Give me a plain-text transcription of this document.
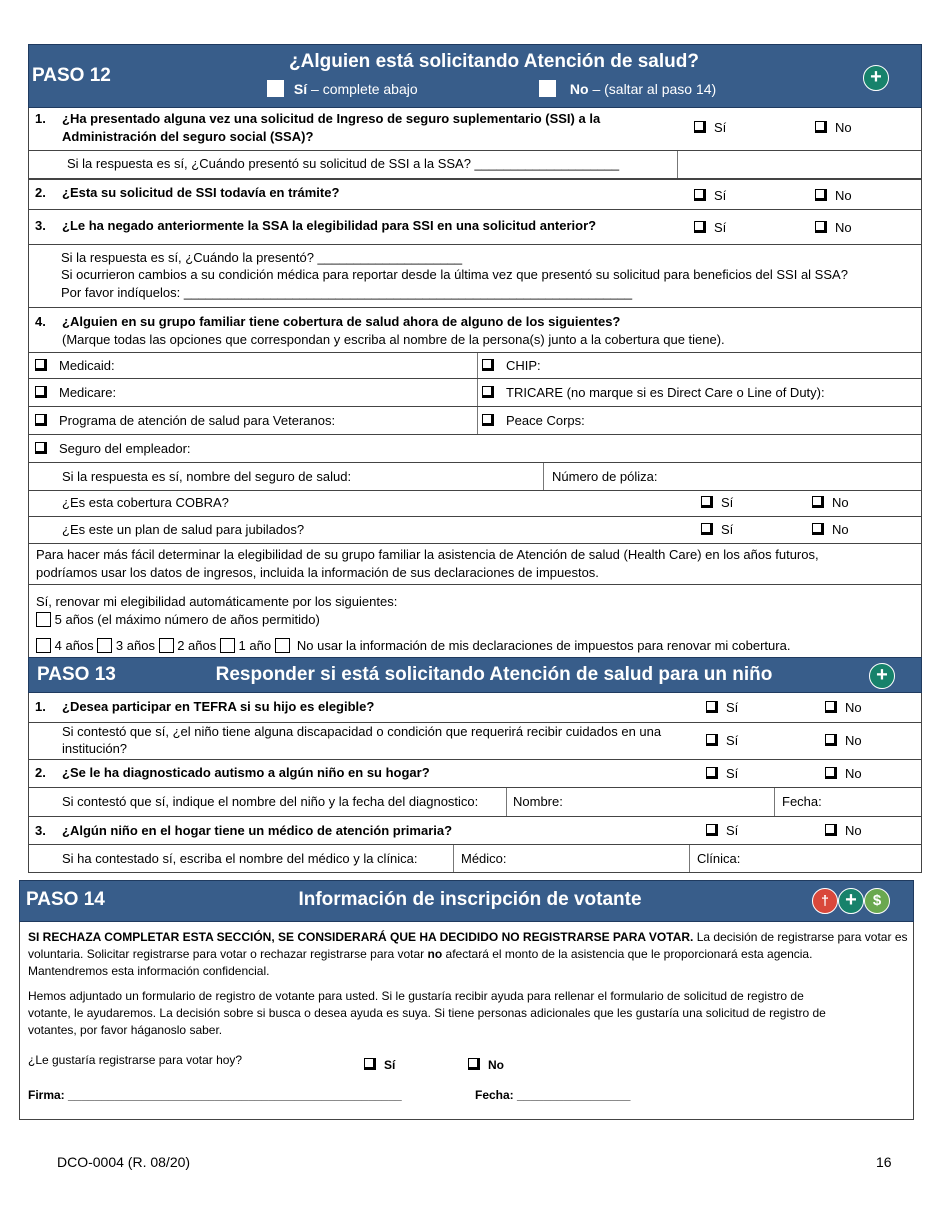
PASO 12
¿Alguien está solicitando Atención de salud?
Sí – complete abajo	No – (saltar al paso 14)
+
1. ¿Ha presentado alguna vez una solicitud de Ingreso de seguro suplementario (SSI) a la
Administración del seguro social (SSA)?
Sí	No
Si la respuesta es sí, ¿Cuándo presentó su solicitud de SSI a la SSA? ____________________
2. ¿Esta su solicitud de SSI todavía en trámite?	Sí	No
3. ¿Le ha negado anteriormente la SSA la elegibilidad para SSI en una solicitud anterior?	Sí	No
Si la respuesta es sí, ¿Cuándo la presentó? ____________________
Si ocurrieron cambios a su condición médica para reportar desde la última vez que presentó su solicitud para beneficios del SSI al SSA?
Por favor indíquelos: ______________________________________________________________
4. ¿Alguien en su grupo familiar tiene cobertura de salud ahora de alguno de los siguientes?
(Marque todas las opciones que correspondan y escriba al nombre de la persona(s) junto a la cobertura que tiene).
Medicaid:	CHIP:
Medicare:	TRICARE (no marque si es Direct Care o Line of Duty):
Programa de atención de salud para Veteranos:	Peace Corps:
Seguro del empleador:
Si la respuesta es sí, nombre del seguro de salud:	Número de póliza:
¿Es esta cobertura COBRA?	Sí	No
¿Es este un plan de salud para jubilados?	Sí	No
Para hacer más fácil determinar la elegibilidad de su grupo familiar la asistencia de Atención de salud (Health Care) en los años futuros,
podríamos usar los datos de ingresos, incluida la información de sus declaraciones de impuestos.
Sí, renovar mi elegibilidad automáticamente por los siguientes:
5 años (el máximo número de años permitido)
4 años 3 años 2 años 1 año No usar la información de mis declaraciones de impuestos para renovar mi cobertura.
PASO 13	Responder si está solicitando Atención de salud para un niño	+
1. ¿Desea participar en TEFRA si su hijo es elegible?	Sí	No
Si contestó que sí, ¿el niño tiene alguna discapacidad o condición que requerirá recibir cuidados en una
institución?
Sí	No
2. ¿Se le ha diagnosticado autismo a algún niño en su hogar?	Sí	No
Si contestó que sí, indique el nombre del niño y la fecha del diagnostico:	Nombre:	Fecha:
3. ¿Algún niño en el hogar tiene un médico de atención primaria?	Sí	No
Si ha contestado sí, escriba el nombre del médico y la clínica:	Médico:	Clínica:
PASO 14	Información de inscripción de votante	† +	$
SI RECHAZA COMPLETAR ESTA SECCIÓN, SE CONSIDERARÁ QUE HA DECIDIDO NO REGISTRARSE PARA VOTAR. La decisión de registrarse para votar es
voluntaria. Solicitar registrarse para votar o rechazar registrarse para votar no afectará el monto de la asistencia que le proporcionará esta agencia.
Mantendremos esta información confidencial.
Hemos adjuntado un formulario de registro de votante para usted. Si le gustaría recibir ayuda para rellenar el formulario de solicitud de registro de
votante, le ayudaremos. La decisión sobre si busca o desea ayuda es suya. Si tiene personas adicionales que les gustaría una solicitud de registro de
votantes, por favor háganoslo saber.
¿Le gustaría registrarse para votar hoy?	Sí	No
Firma: __________________________________________________	Fecha: _________________
DCO-0004 (R. 08/20)	16
